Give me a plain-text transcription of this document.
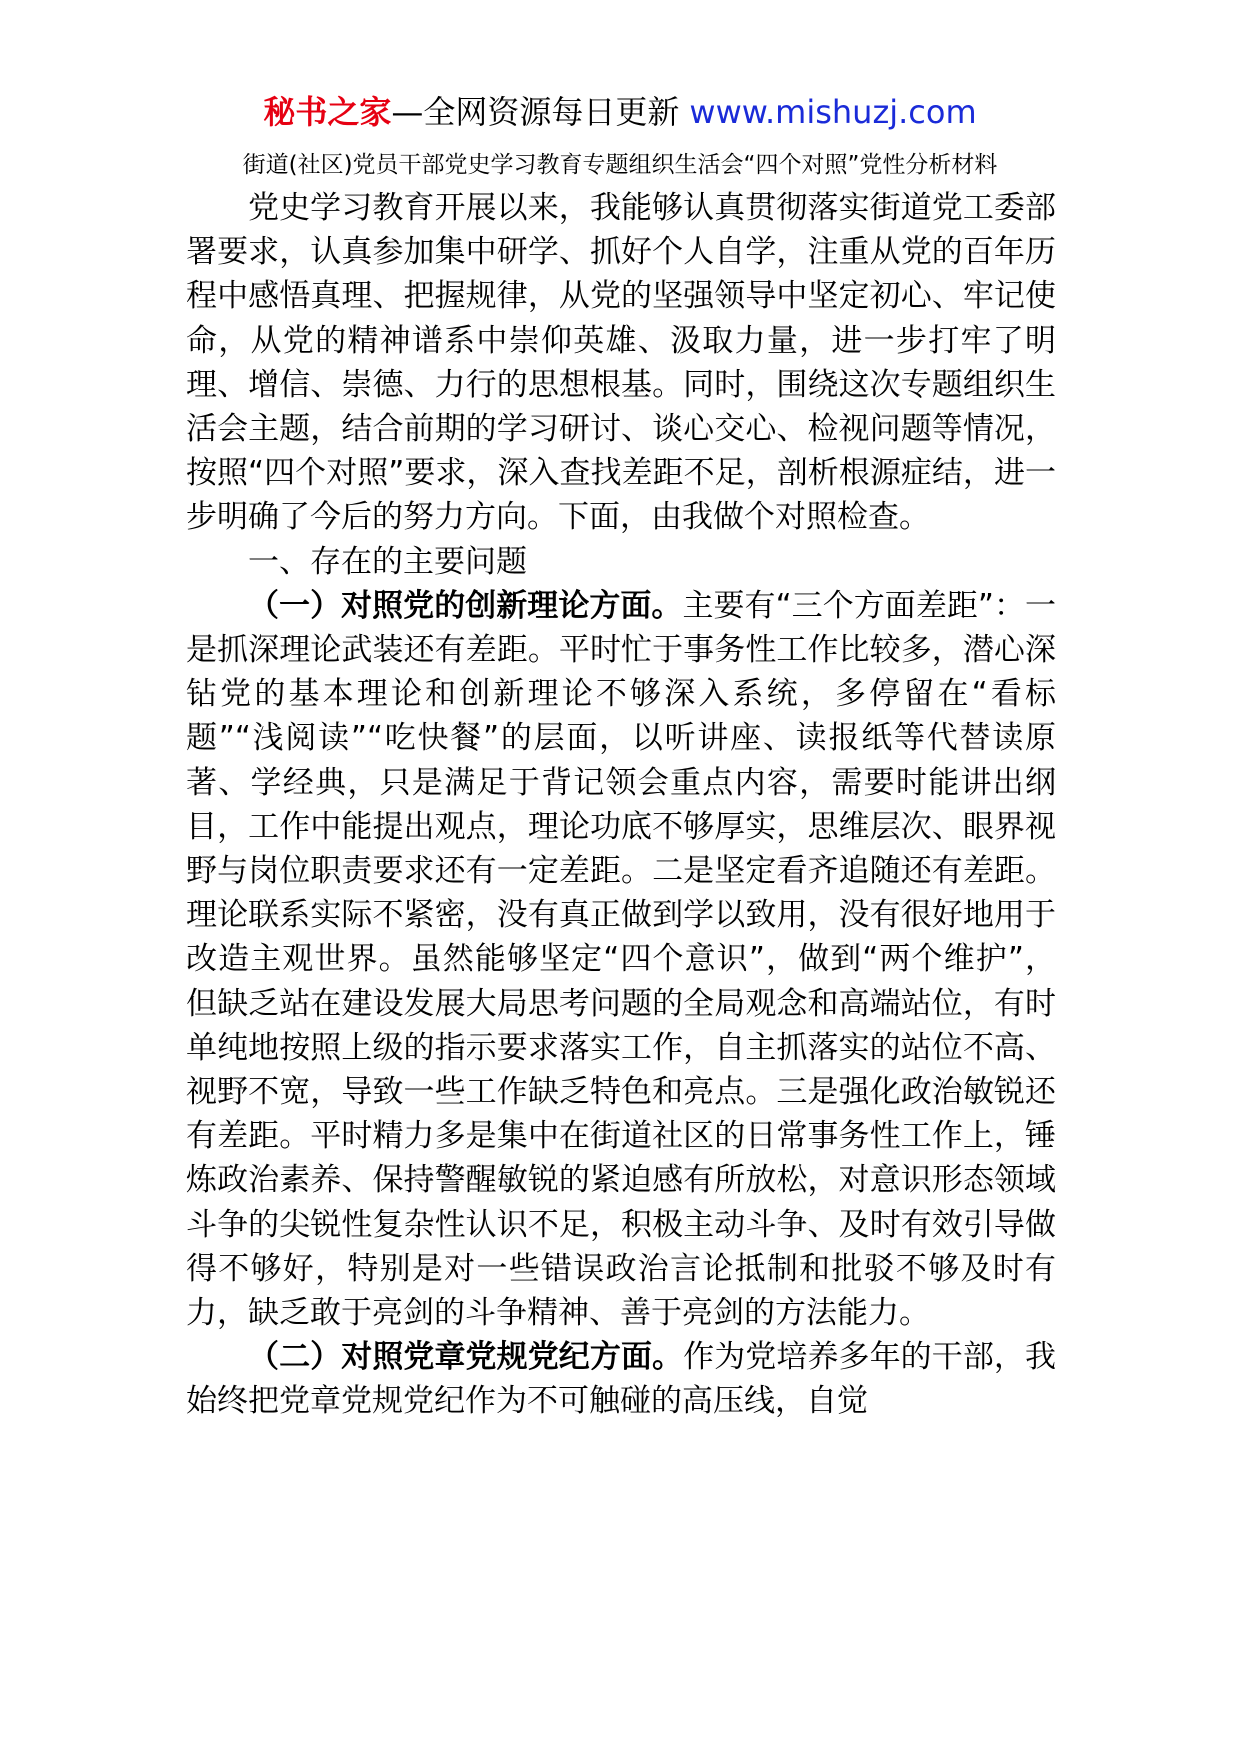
秘书之家—全网资源每日更新 www.mishuzj.com
街道(社区)党员干部党史学习教育专题组织生活会“四个对照”党性分析材料

党史学习教育开展以来，我能够认真贯彻落实街道党工委部署要求，认真参加集中研学、抓好个人自学，注重从党的百年历程中感悟真理、把握规律，从党的坚强领导中坚定初心、牢记使命，从党的精神谱系中崇仰英雄、汲取力量，进一步打牢了明理、增信、崇德、力行的思想根基。同时，围绕这次专题组织生活会主题，结合前期的学习研讨、谈心交心、检视问题等情况，按照“四个对照”要求，深入查找差距不足，剖析根源症结，进一步明确了今后的努力方向。下面，由我做个对照检查。

一、存在的主要问题

（一）对照党的创新理论方面。主要有“三个方面差距”：一是抓深理论武装还有差距。平时忙于事务性工作比较多，潜心深钻党的基本理论和创新理论不够深入系统，多停留在“看标题”“浅阅读”“吃快餐”的层面，以听讲座、读报纸等代替读原著、学经典，只是满足于背记领会重点内容，需要时能讲出纲目，工作中能提出观点，理论功底不够厚实，思维层次、眼界视野与岗位职责要求还有一定差距。二是坚定看齐追随还有差距。理论联系实际不紧密，没有真正做到学以致用，没有很好地用于改造主观世界。虽然能够坚定“四个意识”，做到“两个维护”，但缺乏站在建设发展大局思考问题的全局观念和高端站位，有时单纯地按照上级的指示要求落实工作，自主抓落实的站位不高、视野不宽，导致一些工作缺乏特色和亮点。三是强化政治敏锐还有差距。平时精力多是集中在街道社区的日常事务性工作上，锤炼政治素养、保持警醒敏锐的紧迫感有所放松，对意识形态领域斗争的尖锐性复杂性认识不足，积极主动斗争、及时有效引导做得不够好，特别是对一些错误政治言论抵制和批驳不够及时有力，缺乏敢于亮剑的斗争精神、善于亮剑的方法能力。

（二）对照党章党规党纪方面。作为党培养多年的干部，我始终把党章党规党纪作为不可触碰的高压线，自觉
